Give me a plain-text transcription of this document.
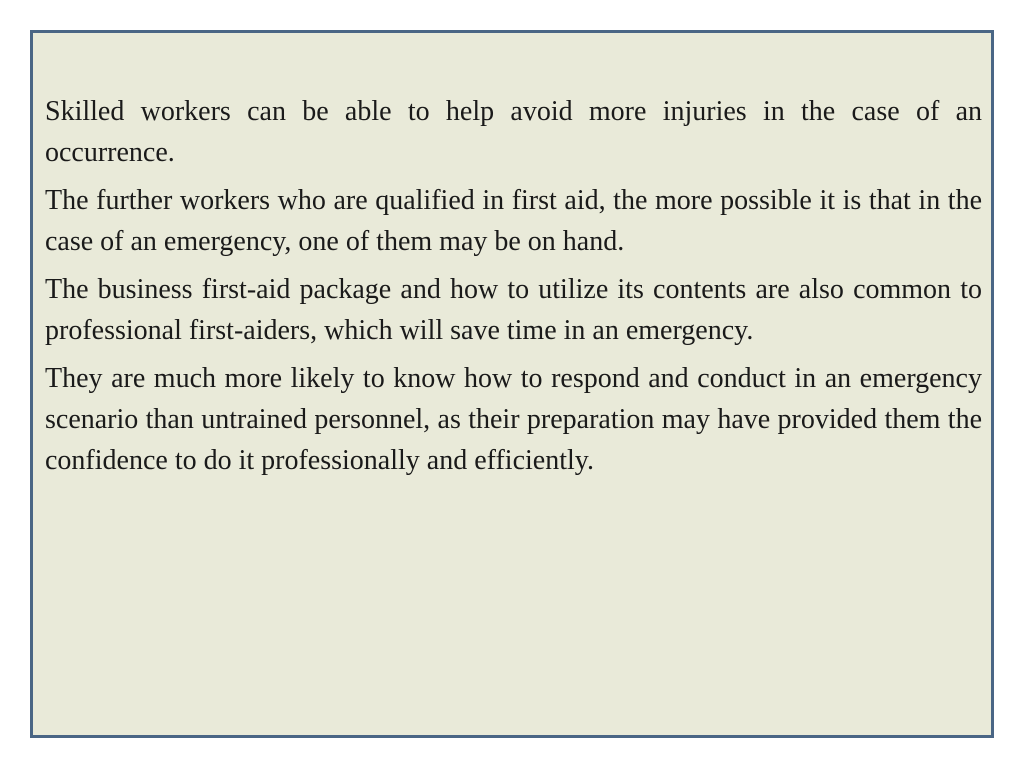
Skilled workers can be able to help avoid more injuries in the case of an occurrence.

The further workers who are qualified in first aid, the more possible it is that in the case of an emergency, one of them may be on hand.

The business first-aid package and how to utilize its contents are also common to professional first-aiders, which will save time in an emergency.

They are much more likely to know how to respond and conduct in an emergency scenario than untrained personnel, as their preparation may have provided them the confidence to do it professionally and efficiently.
